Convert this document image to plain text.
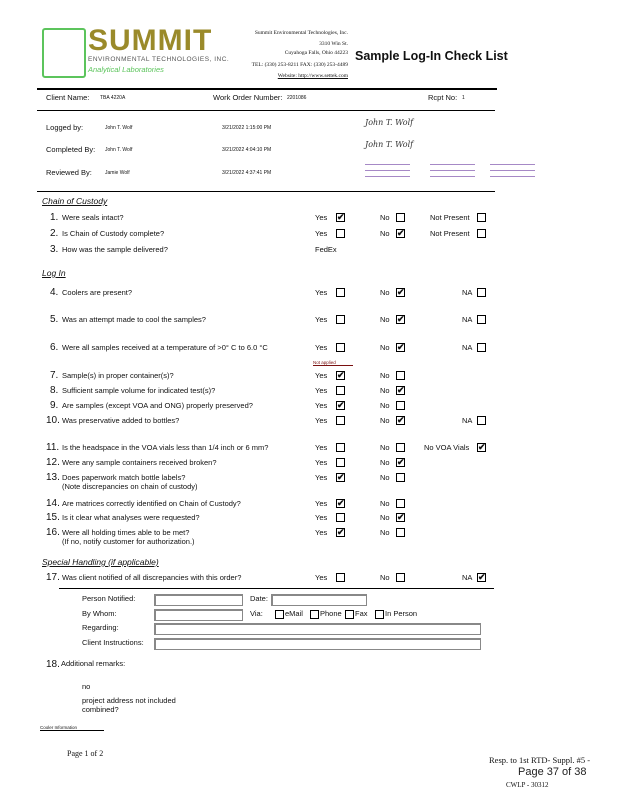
SUMMIT
ENVIRONMENTAL TECHNOLOGIES, INC.
Analytical Laboratories
Summit Environmental Technologies, Inc.
3310 Win St.
Cuyahoga Falls, Ohio 44223
TEL: (330) 253-8211 FAX: (330) 253-4489
Website: http://www.settek.com
Sample Log-In Check List
Client Name: TBA 4220A	Work Order Number: 2201086	Rcpt No: 1
Logged by:	John T. Wolf	3/21/2022 1:15:00 PM
John T. Wolf
Completed By: John T. Wolf	3/21/2022 4:04:10 PM
John T. Wolf
Reviewed By:	Jamie Wolf	3/21/2022 4:37:41 PM
Chain of Custody
Log In
Special Handling (if applicable)
Not applied
1. Were seals intact?	Yes ✔	No	Not Present
2. Is Chain of Custody complete?	Yes	No ✔	Not Present
3. How was the sample delivered?	FedEx
4. Coolers are present?	Yes	No ✔	NA
5. Was an attempt made to cool the samples?	Yes	No ✔	NA
6. Were all samples received at a temperature of >0° C to 6.0 °C	Yes	No ✔	NA
7. Sample(s) in proper container(s)?	Yes ✔	No
8. Sufficient sample volume for indicated test(s)?	Yes	No ✔
9. Are samples (except VOA and ONG) properly preserved?	Yes ✔	No
10. Was preservative added to bottles?	Yes	No ✔	NA
11. Is the headspace in the VOA vials less than 1/4 inch or 6 mm?	Yes	No	No VOA Vials ✔
12. Were any sample containers received broken?	Yes	No ✔
13. Does paperwork match bottle labels?
(Note discrepancies on chain of custody)
Yes ✔	No
14. Are matrices correctly identified on Chain of Custody?	Yes ✔	No
15. Is it clear what analyses were requested?	Yes	No ✔
16. Were all holding times able to be met?
(If no, notify customer for authorization.)
Yes ✔	No
17. Was client notified of all discrepancies with this order?	Yes	No	NA ✔
Person Notified:	Date:
By Whom:	Via:	eMail Phone Fax In Person
Regarding:
Client Instructions:
18. Additional remarks:
no
project address not included
combined?
Cooler Information
Page 1 of 2
Resp. to 1st RTD- Suppl. #5 -
Page 37 of 38
CWLP - 30312
